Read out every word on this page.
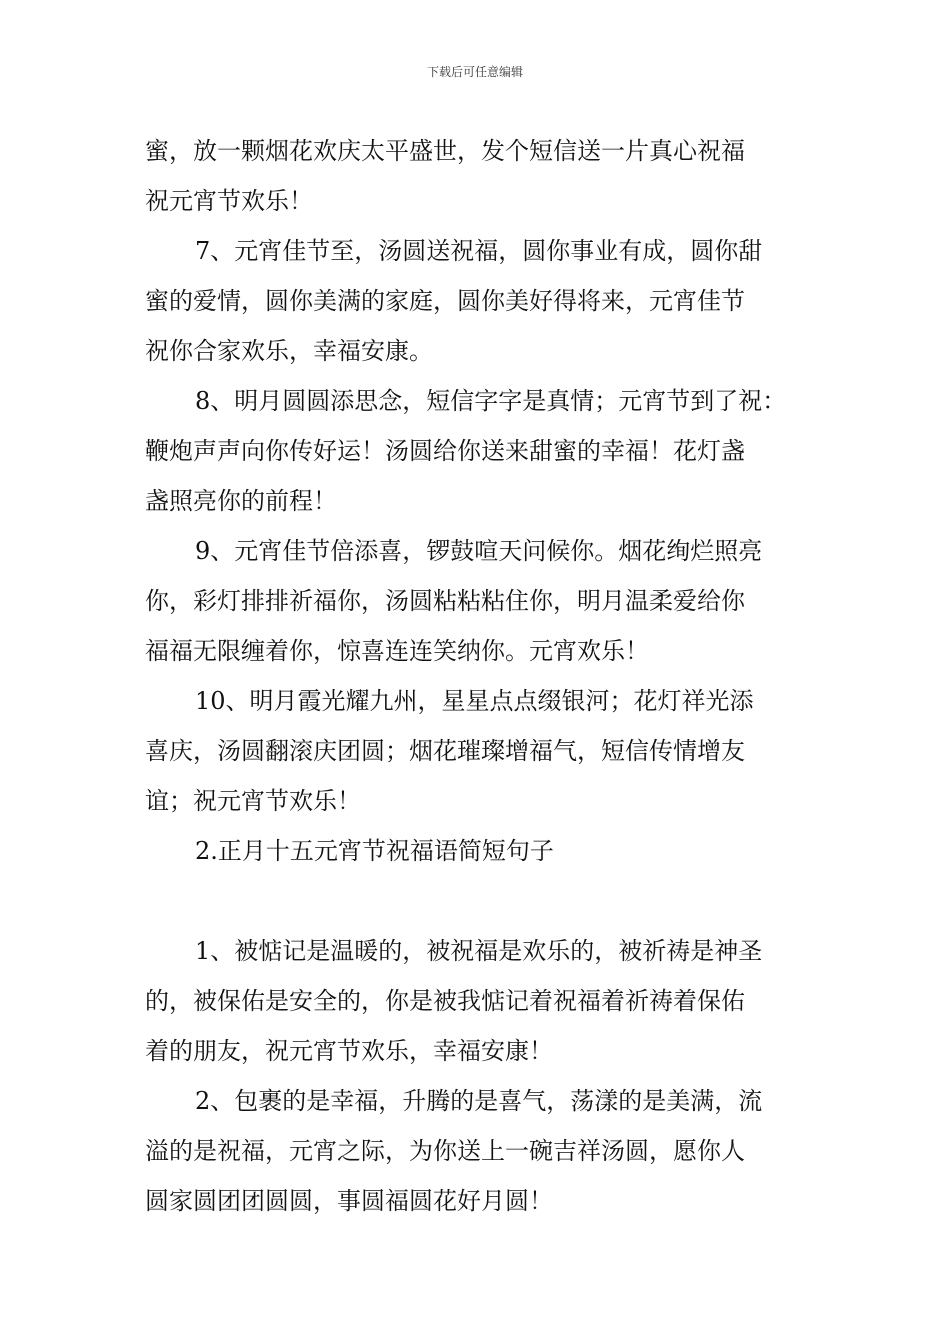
下载后可任意编辑
蜜，放一颗烟花欢庆太平盛世，发个短信送一片真心祝福
祝元宵节欢乐！
7、元宵佳节至，汤圆送祝福，圆你事业有成，圆你甜
蜜的爱情，圆你美满的家庭，圆你美好得将来，元宵佳节
祝你合家欢乐，幸福安康。
8、明月圆圆添思念，短信字字是真情；元宵节到了祝：
鞭炮声声向你传好运！汤圆给你送来甜蜜的幸福！花灯盏
盏照亮你的前程！
9、元宵佳节倍添喜，锣鼓喧天问候你。烟花绚烂照亮
你，彩灯排排祈福你，汤圆粘粘粘住你，明月温柔爱给你
福福无限缠着你，惊喜连连笑纳你。元宵欢乐！
10、明月霞光耀九州，星星点点缀银河；花灯祥光添
喜庆，汤圆翻滚庆团圆；烟花璀璨增福气，短信传情增友
谊；祝元宵节欢乐！
2.正月十五元宵节祝福语简短句子
1、被惦记是温暖的，被祝福是欢乐的，被祈祷是神圣
的，被保佑是安全的，你是被我惦记着祝福着祈祷着保佑
着的朋友，祝元宵节欢乐，幸福安康！
2、包裹的是幸福，升腾的是喜气，荡漾的是美满，流
溢的是祝福，元宵之际，为你送上一碗吉祥汤圆，愿你人
圆家圆团团圆圆，事圆福圆花好月圆！
